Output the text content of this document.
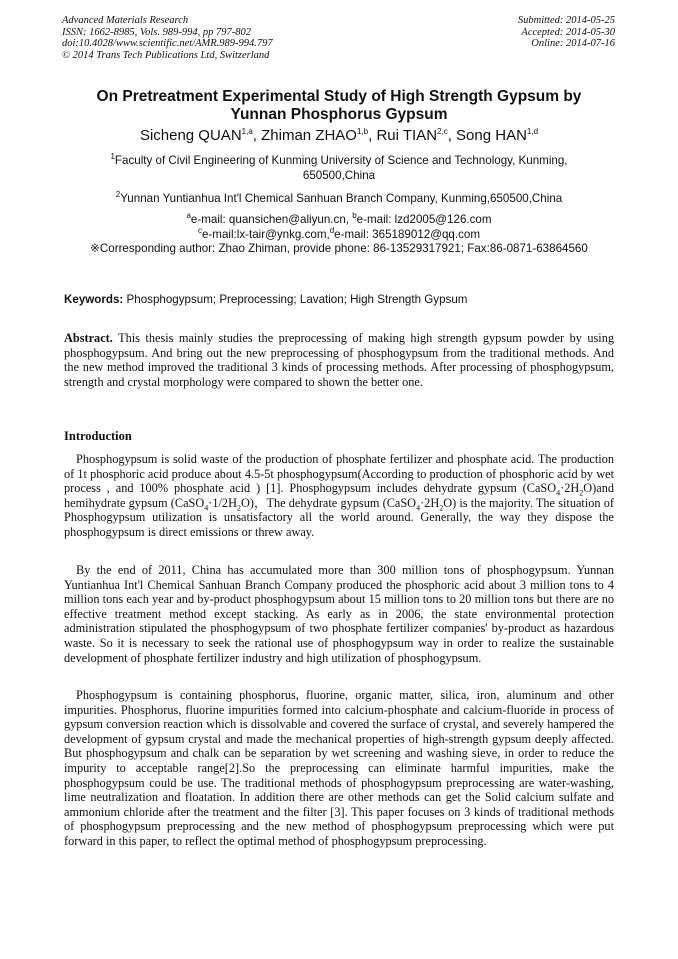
Advanced Materials Research
ISSN: 1662-8985, Vols. 989-994, pp 797-802
doi:10.4028/www.scientific.net/AMR.989-994.797
© 2014 Trans Tech Publications Ltd, Switzerland
Submitted: 2014-05-25
Accepted: 2014-05-30
Online: 2014-07-16
On Pretreatment Experimental Study of High Strength Gypsum by
Yunnan Phosphorus Gypsum
Sicheng QUAN$^{1,a}$, Zhiman ZHAO$^{1,b}$, Rui TIAN$^{2,c}$, Song HAN$^{1,d}$
$^1$Faculty of Civil Engineering of Kunming University of Science and Technology, Kunming, 650500,China
$^2$Yunnan Yuntianhua Int'l Chemical Sanhuan Branch Company, Kunming,650500,China
$^a$e-mail: quansichen@aliyun.cn, $^b$e-mail: lzd2005@126.com
$^c$e-mail:lx-tair@ynkg.com,$^d$e-mail: 365189012@qq.com
※Corresponding author: Zhao Zhiman, provide phone: 86-13529317921; Fax:86-0871-63864560
Keywords: Phosphogypsum; Preprocessing; Lavation; High Strength Gypsum
Abstract. This thesis mainly studies the preprocessing of making high strength gypsum powder by using phosphogypsum. And bring out the new preprocessing of phosphogypsum from the traditional methods. And the new method improved the traditional 3 kinds of processing methods. After processing of phosphogypsum, strength and crystal morphology were compared to shown the better one.
Introduction

Phosphogypsum is solid waste of the production of phosphate fertilizer and phosphate acid. The production of 1t phosphoric acid produce about 4.5-5t phosphogypsum(According to production of phosphoric acid by wet process , and 100% phosphate acid ) [1]. Phosphogypsum includes dehydrate gypsum $(CaSO_4\cdot 2H_2O)and$ hemihydrate gypsum $(CaSO_4\cdot 1/2H_2O)$，The dehydrate gypsum $(CaSO_4\cdot 2H_2O)$ is the majority. The situation of Phosphogypsum utilization is unsatisfactory all the world around. Generally, the way they dispose the phosphogypsum is direct emissions or threw away.

By the end of 2011, China has accumulated more than 300 million tons of phosphogypsum. Yunnan Yuntianhua Int'l Chemical Sanhuan Branch Company produced the phosphoric acid about 3 million tons to 4 million tons each year and by-product phosphogypsum about 15 million tons to 20 million tons but there are no effective treatment method except stacking. As early as in 2006, the state environmental protection administration stipulated the phosphogypsum of two phosphate fertilizer companies' by-product as hazardous waste. So it is necessary to seek the rational use of phosphogypsum way in order to realize the sustainable development of phosphate fertilizer industry and high utilization of phosphogypsum.

Phosphogypsum is containing phosphorus, fluorine, organic matter, silica, iron, aluminum and other impurities. Phosphorus, fluorine impurities formed into calcium-phosphate and calcium-fluoride in process of gypsum conversion reaction which is dissolvable and covered the surface of crystal, and severely hampered the development of gypsum crystal and made the mechanical properties of high-strength gypsum deeply affected. But phosphogypsum and chalk can be separation by wet screening and washing sieve, in order to reduce the impurity to acceptable range[2].So the preprocessing can eliminate harmful impurities, make the phosphogypsum could be use. The traditional methods of phosphogypsum preprocessing are water-washing, lime neutralization and floatation. In addition there are other methods can get the Solid calcium sulfate and ammonium chloride after the treatment and the filter [3]. This paper focuses on 3 kinds of traditional methods of phosphogypsum preprocessing and the new method of phosphogypsum preprocessing which were put forward in this paper, to reflect the optimal method of phosphogypsum preprocessing.
